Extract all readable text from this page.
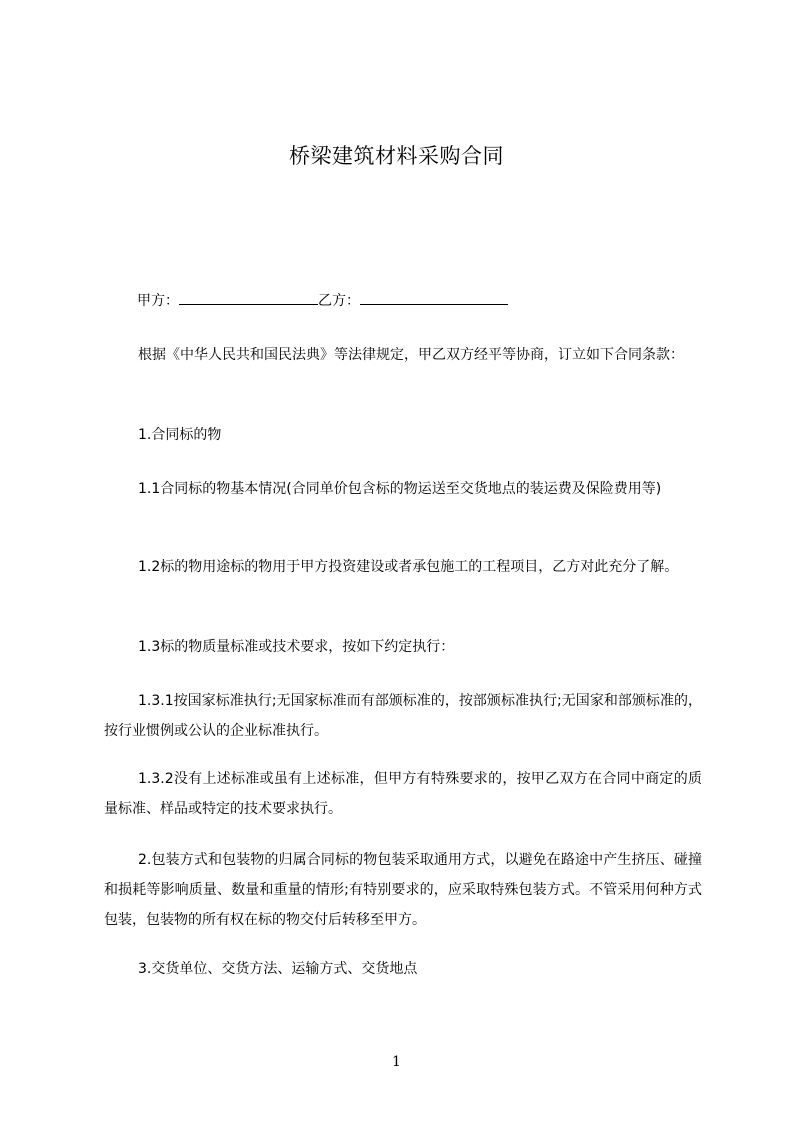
桥梁建筑材料采购合同
甲方：	乙方：
根据《中华人民共和国民法典》等法律规定，甲乙双方经平等协商，订立如下合同条款：
1.合同标的物
1.1合同标的物基本情况(合同单价包含标的物运送至交货地点的装运费及保险费用等)
1.2标的物用途标的物用于甲方投资建设或者承包施工的工程项目，乙方对此充分了解。
1.3标的物质量标准或技术要求，按如下约定执行：
1.3.1按国家标准执行;无国家标准而有部颁标准的，按部颁标准执行;无国家和部颁标准的，按行业惯例或公认的企业标准执行。
1.3.2没有上述标准或虽有上述标准，但甲方有特殊要求的，按甲乙双方在合同中商定的质量标准、样品或特定的技术要求执行。
2.包装方式和包装物的归属合同标的物包装采取通用方式，以避免在路途中产生挤压、碰撞和损耗等影响质量、数量和重量的情形;有特别要求的，应采取特殊包装方式。不管采用何种方式包装，包装物的所有权在标的物交付后转移至甲方。
3.交货单位、交货方法、运输方式、交货地点
1
